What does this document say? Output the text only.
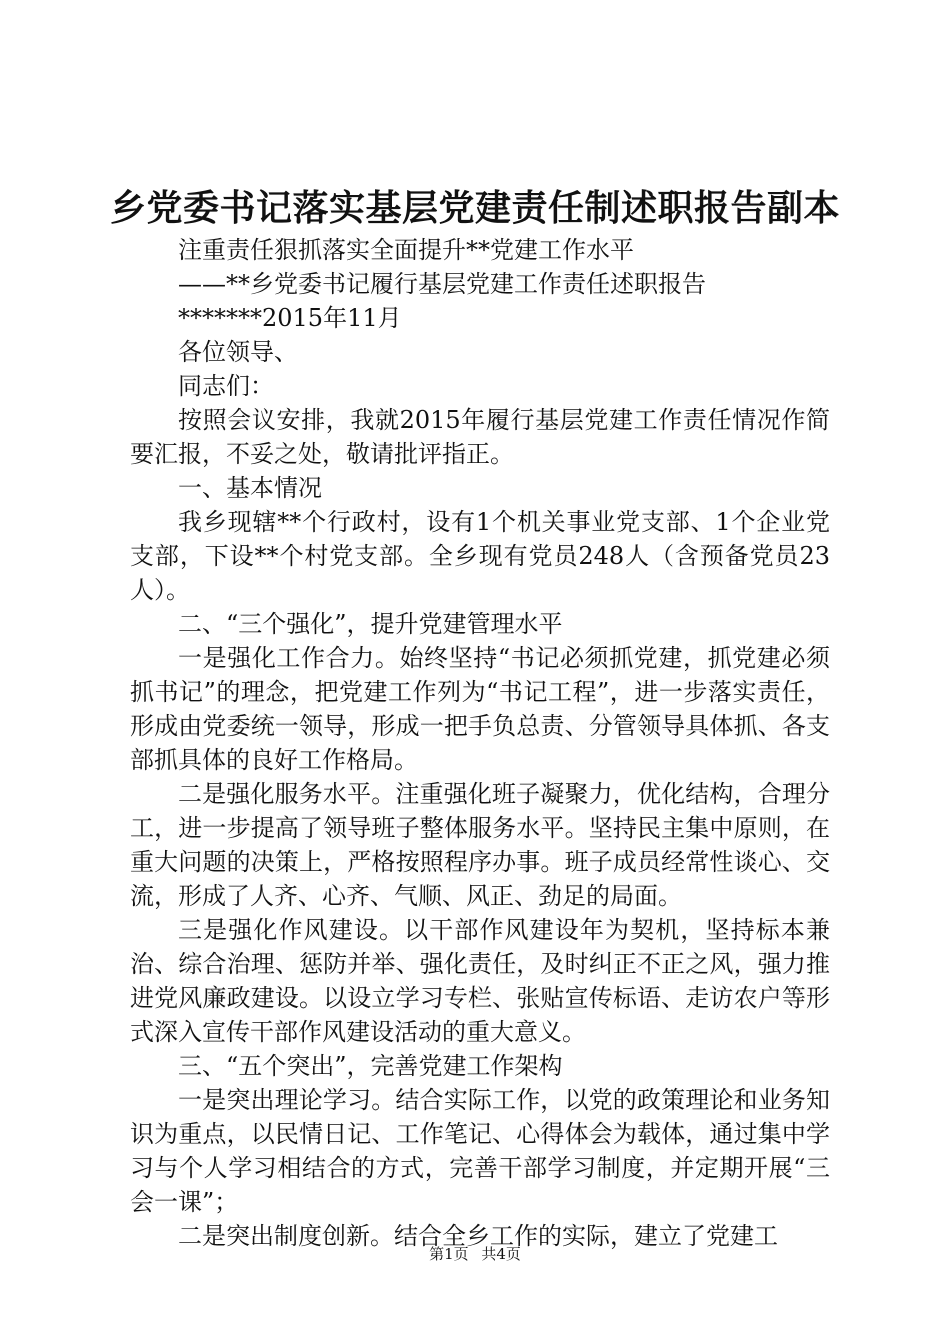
乡党委书记落实基层党建责任制述职报告副本

注重责任狠抓落实全面提升**党建工作水平

——**乡党委书记履行基层党建工作责任述职报告

*******2015年11月

各位领导、

同志们：

按照会议安排，我就2015年履行基层党建工作责任情况作简要汇报，不妥之处，敬请批评指正。

一、基本情况

我乡现辖**个行政村，设有1个机关事业党支部、1个企业党支部，下设**个村党支部。全乡现有党员248人（含预备党员23人）。

二、“三个强化”，提升党建管理水平

一是强化工作合力。始终坚持“书记必须抓党建，抓党建必须抓书记”的理念，把党建工作列为“书记工程”，进一步落实责任，形成由党委统一领导，形成一把手负总责、分管领导具体抓、各支部抓具体的良好工作格局。

二是强化服务水平。注重强化班子凝聚力，优化结构，合理分工，进一步提高了领导班子整体服务水平。坚持民主集中原则，在重大问题的决策上，严格按照程序办事。班子成员经常性谈心、交流，形成了人齐、心齐、气顺、风正、劲足的局面。

三是强化作风建设。以干部作风建设年为契机，坚持标本兼治、综合治理、惩防并举、强化责任，及时纠正不正之风，强力推进党风廉政建设。以设立学习专栏、张贴宣传标语、走访农户等形式深入宣传干部作风建设活动的重大意义。

三、“五个突出”，完善党建工作架构

一是突出理论学习。结合实际工作，以党的政策理论和业务知识为重点，以民情日记、工作笔记、心得体会为载体，通过集中学习与个人学习相结合的方式，完善干部学习制度，并定期开展“三会一课”；

二是突出制度创新。结合全乡工作的实际，建立了党建工

第1页 共4页
